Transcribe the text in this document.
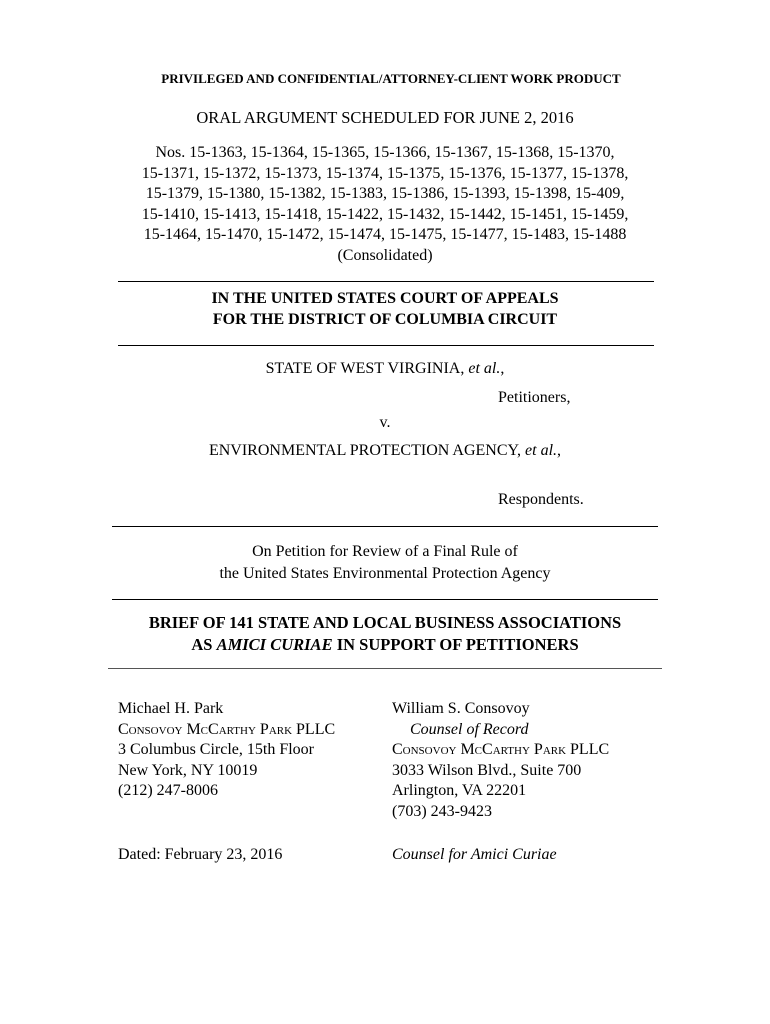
PRIVILEGED AND CONFIDENTIAL/ATTORNEY-CLIENT WORK PRODUCT
ORAL ARGUMENT SCHEDULED FOR JUNE 2, 2016
Nos. 15-1363, 15-1364, 15-1365, 15-1366, 15-1367, 15-1368, 15-1370,
15-1371, 15-1372, 15-1373, 15-1374, 15-1375, 15-1376, 15-1377, 15-1378,
15-1379, 15-1380, 15-1382, 15-1383, 15-1386, 15-1393, 15-1398, 15-409,
15-1410, 15-1413, 15-1418, 15-1422, 15-1432, 15-1442, 15-1451, 15-1459,
15-1464, 15-1470, 15-1472, 15-1474, 15-1475, 15-1477, 15-1483, 15-1488
(Consolidated)
IN THE UNITED STATES COURT OF APPEALS
FOR THE DISTRICT OF COLUMBIA CIRCUIT
STATE OF WEST VIRGINIA, et al.,
Petitioners,
v.
ENVIRONMENTAL PROTECTION AGENCY, et al.,
Respondents.
On Petition for Review of a Final Rule of
the United States Environmental Protection Agency
BRIEF OF 141 STATE AND LOCAL BUSINESS ASSOCIATIONS
AS AMICI CURIAE IN SUPPORT OF PETITIONERS
Michael H. Park
Consovoy McCarthy Park PLLC
3 Columbus Circle, 15th Floor
New York, NY 10019
(212) 247-8006
William S. Consovoy
Counsel of Record
Consovoy McCarthy Park PLLC
3033 Wilson Blvd., Suite 700
Arlington, VA 22201
(703) 243-9423
Dated: February 23, 2016	Counsel for Amici Curiae
